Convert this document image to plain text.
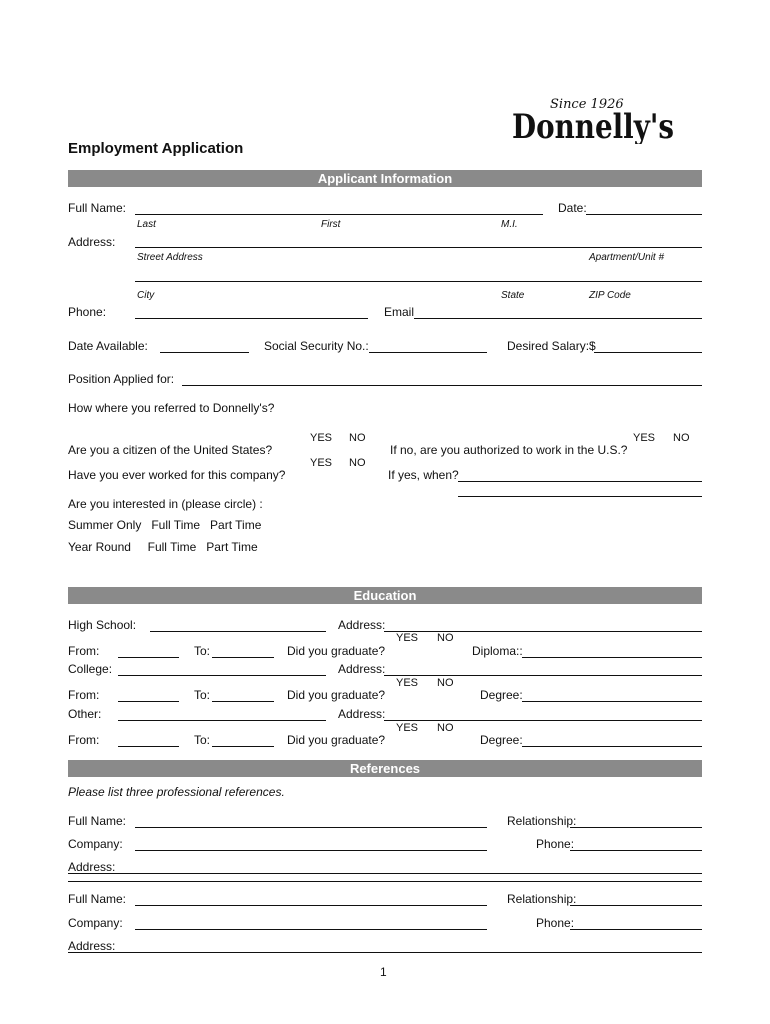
Since 1926
Donnelly's
Employment Application
Applicant Information
Full Name:	Date:
Last	First	M.I.
Address:
Street Address	Apartment/Unit #
City	State	ZIP Code
Phone:	Email
Date Available:	Social Security No.:	Desired Salary:$
Position Applied for:
How where you referred to Donnelly's?
YES NO	YES NO
Are you a citizen of the United States?	If no, are you authorized to work in the U.S.?
YES NO
Have you ever worked for this company?	If yes, when?
Are you interested in (please circle) :
Summer Only   Full Time   Part Time
Year Round     Full Time   Part Time
Education
High School:	Address:
YES NO
From:	To:	Did you graduate?	Diploma::
College:	Address:
YES NO
From:	To:	Did you graduate?	Degree:
Other:	Address:
YES NO
From:	To:	Did you graduate?	Degree:
References
Please list three professional references.
Full Name:	Relationship:
Company:	Phone:
Address:
Full Name:	Relationship:
Company:	Phone:
Address:
1
